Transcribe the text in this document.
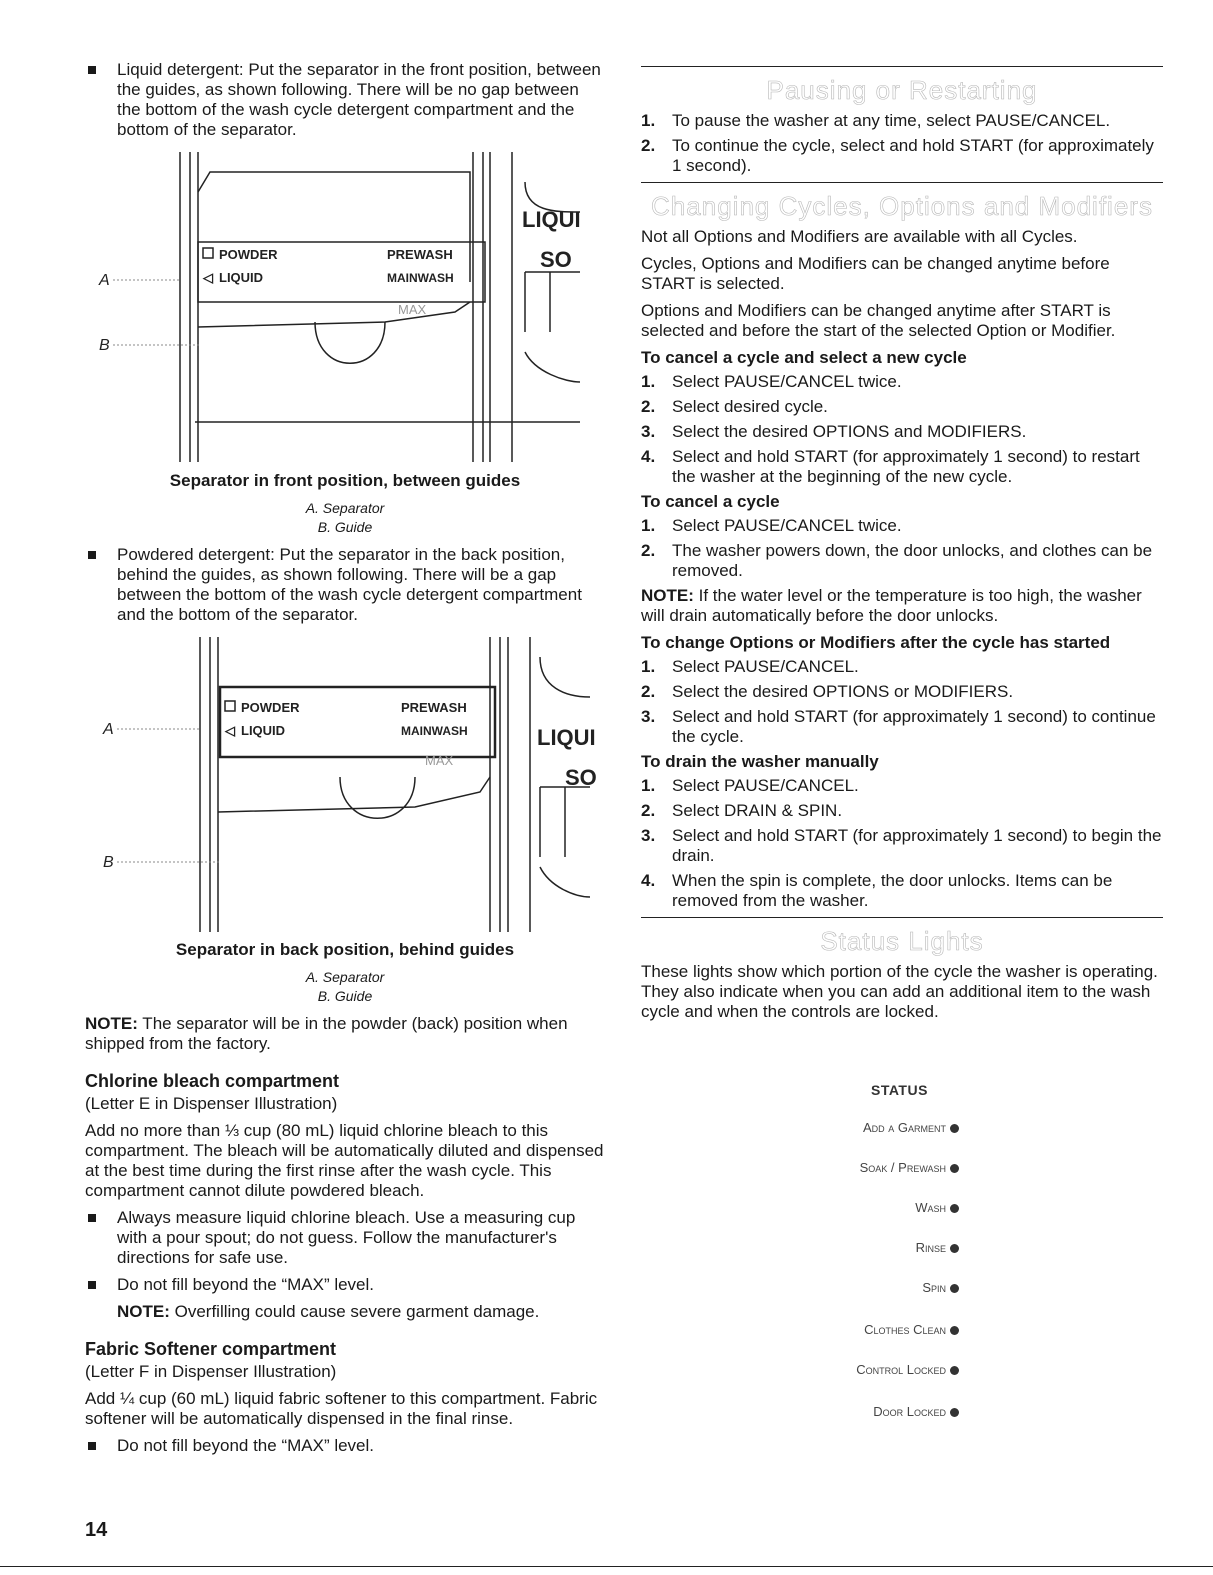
Liquid detergent: Put the separator in the front position, between the guides, as shown following. There will be no gap between the bottom of the wash cycle detergent compartment and the bottom of the separator.
POWDER
◁ LIQUID
PREWASH
MAINWASH
MAX
LIQUI
SO
A
B
Separator in front position, between guides
A. Separator
B. Guide
Powdered detergent: Put the separator in the back position, behind the guides, as shown following. There will be a gap between the bottom of the wash cycle detergent compartment and the bottom of the separator.
POWDER
◁ LIQUID
PREWASH
MAINWASH
MAX
LIQUI
SO
A
B
Separator in back position, behind guides
A. Separator
B. Guide

NOTE: The separator will be in the powder (back) position when shipped from the factory.

Chlorine bleach compartment

(Letter E in Dispenser Illustration)

Add no more than ⅓ cup (80 mL) liquid chlorine bleach to this compartment. The bleach will be automatically diluted and dispensed at the best time during the first rinse after the wash cycle. This compartment cannot dilute powdered bleach.

Always measure liquid chlorine bleach. Use a measuring cup with a pour spout; do not guess. Follow the manufacturer's directions for safe use.
Do not fill beyond the “MAX” level.

NOTE: Overfilling could cause severe garment damage.

Fabric Softener compartment

(Letter F in Dispenser Illustration)

Add ¼ cup (60 mL) liquid fabric softener to this compartment. Fabric softener will be automatically dispensed in the final rinse.

Do not fill beyond the “MAX” level.
Pausing or Restarting
1. To pause the washer at any time, select PAUSE/CANCEL.
2. To continue the cycle, select and hold START (for approximately 1 second).
Changing Cycles, Options and Modifiers

Not all Options and Modifiers are available with all Cycles.

Cycles, Options and Modifiers can be changed anytime before START is selected.

Options and Modifiers can be changed anytime after START is selected and before the start of the selected Option or Modifier.

To cancel a cycle and select a new cycle
1. Select PAUSE/CANCEL twice.
2. Select desired cycle.
3. Select the desired OPTIONS and MODIFIERS.
4. Select and hold START (for approximately 1 second) to restart the washer at the beginning of the new cycle.
To cancel a cycle
1. Select PAUSE/CANCEL twice.
2. The washer powers down, the door unlocks, and clothes can be removed.

NOTE: If the water level or the temperature is too high, the washer will drain automatically before the door unlocks.

To change Options or Modifiers after the cycle has started
1. Select PAUSE/CANCEL.
2. Select the desired OPTIONS or MODIFIERS.
3. Select and hold START (for approximately 1 second) to continue the cycle.
To drain the washer manually
1. Select PAUSE/CANCEL.
2. Select DRAIN & SPIN.
3. Select and hold START (for approximately 1 second) to begin the drain.
4. When the spin is complete, the door unlocks. Items can be removed from the washer.
Status Lights

These lights show which portion of the cycle the washer is operating. They also indicate when you can add an additional item to the wash cycle and when the controls are locked.

STATUS
Add a Garment
Soak / Prewash
Wash
Rinse
Spin
Clothes Clean
Control Locked
Door Locked
14
